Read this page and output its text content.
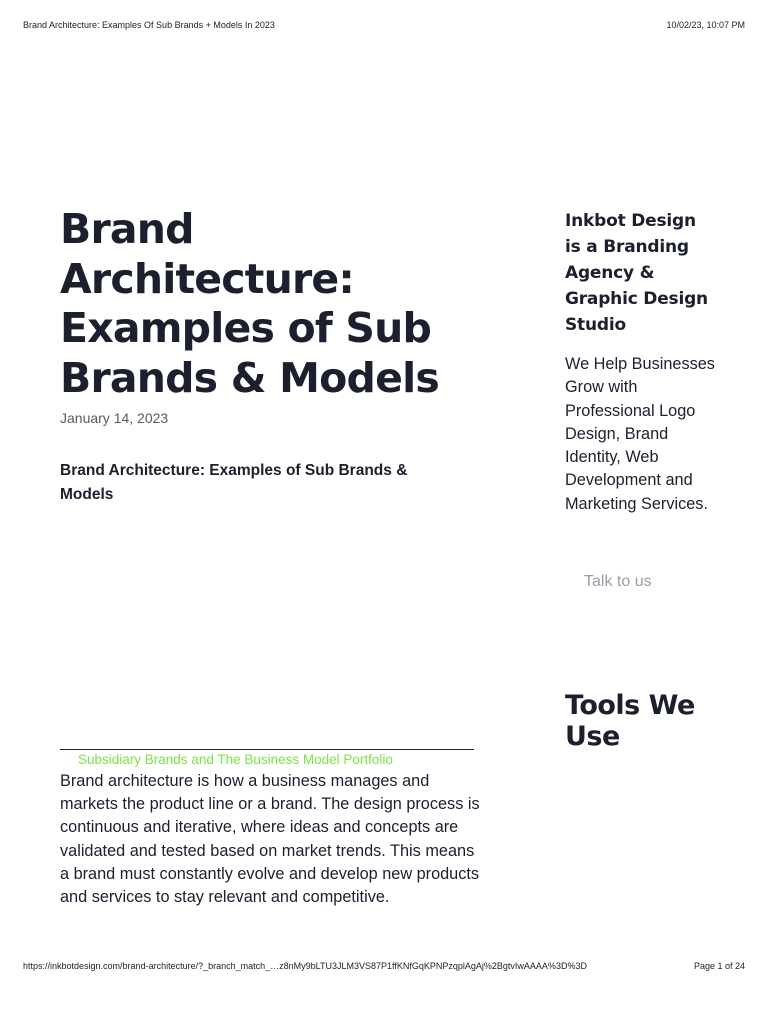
Brand Architecture: Examples Of Sub Brands + Models In 2023	10/02/23, 10:07 PM
Brand Architecture: Examples of Sub Brands & Models
January 14, 2023
Brand Architecture: Examples of Sub Brands & Models
Subsidiary Brands and The Business Model Portfolio

Brand architecture is how a business manages and markets the product line or a brand. The design process is continuous and iterative, where ideas and concepts are validated and tested based on market trends. This means a brand must constantly evolve and develop new products and services to stay relevant and competitive.

Inkbot Design is a Branding Agency & Graphic Design Studio

We Help Businesses Grow with Professional Logo Design, Brand Identity, Web Development and Marketing Services.

Talk to us
Tools We Use
https://inkbotdesign.com/brand-architecture/?_branch_match_…z8nMy9bLTU3JLM3VS87P1ffKNfGqKPNPzqplAgAj%2BgtvIwAAAA%3D%3D	Page 1 of 24
